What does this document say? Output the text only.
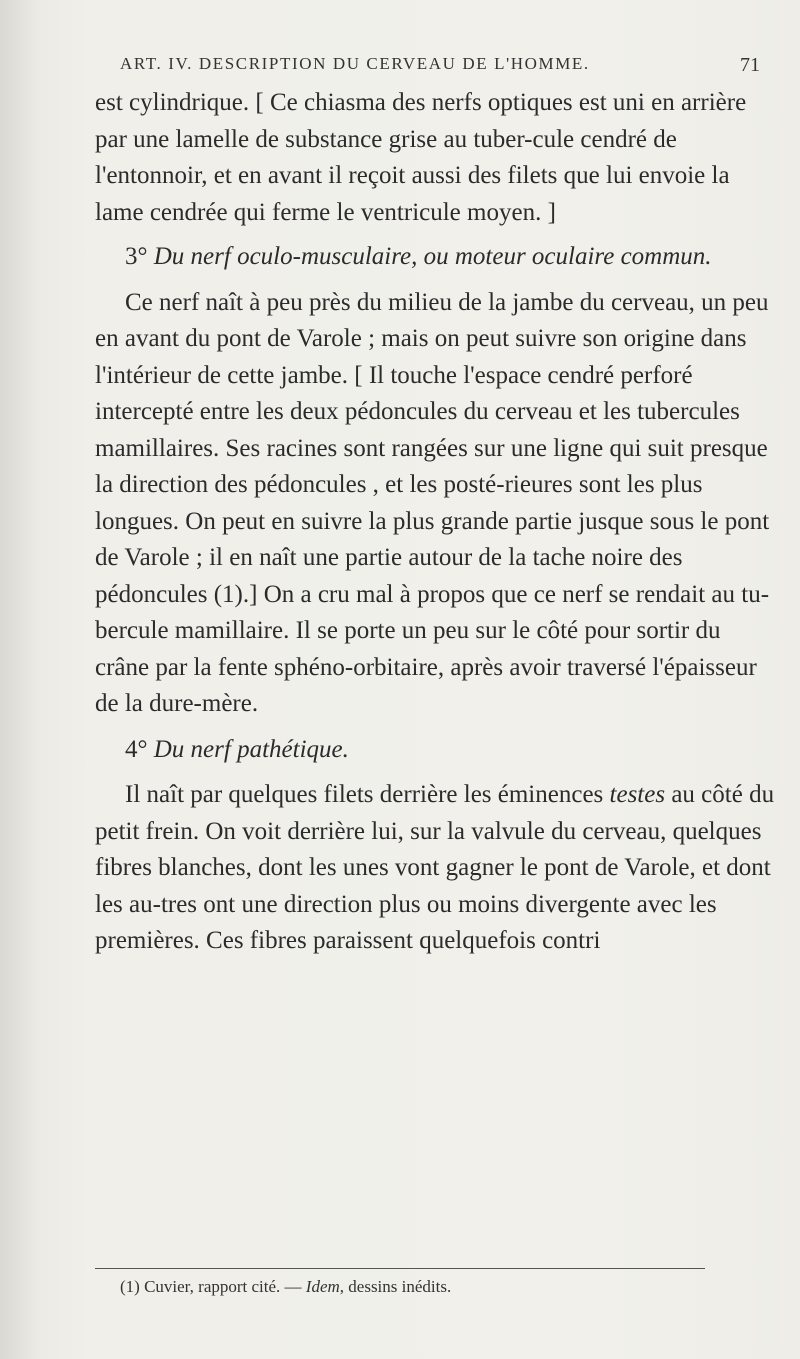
ART. IV. DESCRIPTION DU CERVEAU DE L'HOMME.	71

est cylindrique. [ Ce chiasma des nerfs optiques est uni en arrière par une lamelle de substance grise au tuber-cule cendré de l'entonnoir, et en avant il reçoit aussi des filets que lui envoie la lame cendrée qui ferme le ventricule moyen. ]

3° Du nerf oculo-musculaire, ou moteur oculaire commun.

Ce nerf naît à peu près du milieu de la jambe du cerveau, un peu en avant du pont de Varole ; mais on peut suivre son origine dans l'intérieur de cette jambe. [ Il touche l'espace cendré perforé intercepté entre les deux pédoncules du cerveau et les tubercules mamillaires. Ses racines sont rangées sur une ligne qui suit presque la direction des pédoncules , et les posté-rieures sont les plus longues. On peut en suivre la plus grande partie jusque sous le pont de Varole ; il en naît une partie autour de la tache noire des pédoncules (1).] On a cru mal à propos que ce nerf se rendait au tu-bercule mamillaire. Il se porte un peu sur le côté pour sortir du crâne par la fente sphéno-orbitaire, après avoir traversé l'épaisseur de la dure-mère.

4° Du nerf pathétique.

Il naît par quelques filets derrière les éminences testes au côté du petit frein. On voit derrière lui, sur la valvule du cerveau, quelques fibres blanches, dont les unes vont gagner le pont de Varole, et dont les au-tres ont une direction plus ou moins divergente avec les premières. Ces fibres paraissent quelquefois contri

(1) Cuvier, rapport cité. — Idem, dessins inédits.
